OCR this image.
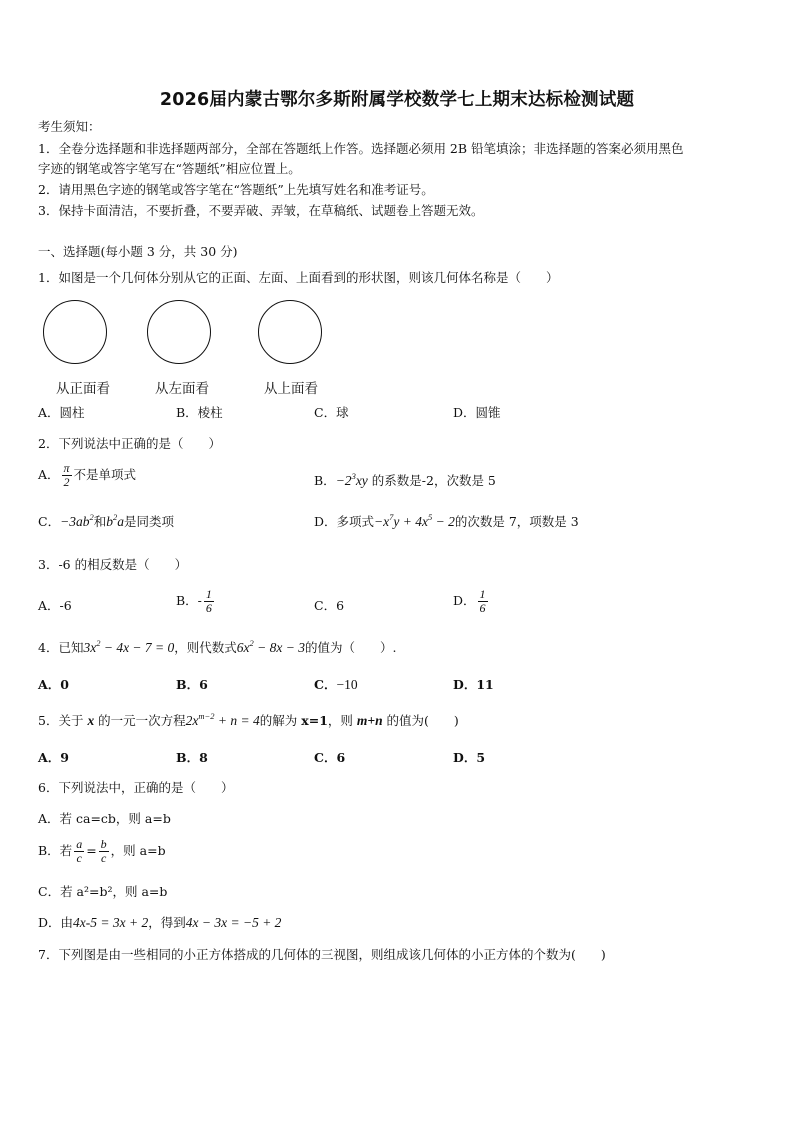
2026届内蒙古鄂尔多斯附属学校数学七上期末达标检测试题
考生须知：
1．全卷分选择题和非选择题两部分，全部在答题纸上作答。选择题必须用 2B 铅笔填涂；非选择题的答案必须用黑色
字迹的钢笔或答字笔写在“答题纸”相应位置上。
2．请用黑色字迹的钢笔或答字笔在“答题纸”上先填写姓名和准考证号。
3．保持卡面清洁，不要折叠，不要弄破、弄皱，在草稿纸、试题卷上答题无效。
一、选择题(每小题 3 分，共 30 分)
1．如图是一个几何体分别从它的正面、左面、上面看到的形状图，则该几何体名称是（　　）
从正面看	从左面看	从上面看
A．圆柱	B．棱柱	C．球	D．圆锥
2．下列说法中正确的是（　　）
A． $\frac{\pi}{2}$ 不是单项式	B．$-2^3xy$ 的系数是-2，次数是 5
C．$-3ab^2$和$b^2a$是同类项	D．多项式$-x^7y + 4x^5 - 2$的次数是 7，项数是 3
3．-6 的相反数是（　　）
A．-6	B．- $\frac{1}{6}$	C．6	D． $\frac{1}{6}$
4．已知$3x^2 - 4x - 7 = 0$，则代数式$6x^2 - 8x - 3$的值为（　　）.
A．0	B．6	C．−10	D．11
5．关于 x 的一元一次方程$2x^{m-2} + n = 4$的解为 x=1，则 m+n 的值为(　　)
A．9	B．8	C．6	D．5
6．下列说法中，正确的是（　　）
A．若 ca=cb，则 a=b
B．若 $\frac{a}{c} = \frac{b}{c}$ ，则 a=b
C．若 a²=b²，则 a=b
D．由4x-5 = 3x + 2，得到4x − 3x = −5 + 2
7．下列图是由一些相同的小正方体搭成的几何体的三视图，则组成该几何体的小正方体的个数为(　　)
